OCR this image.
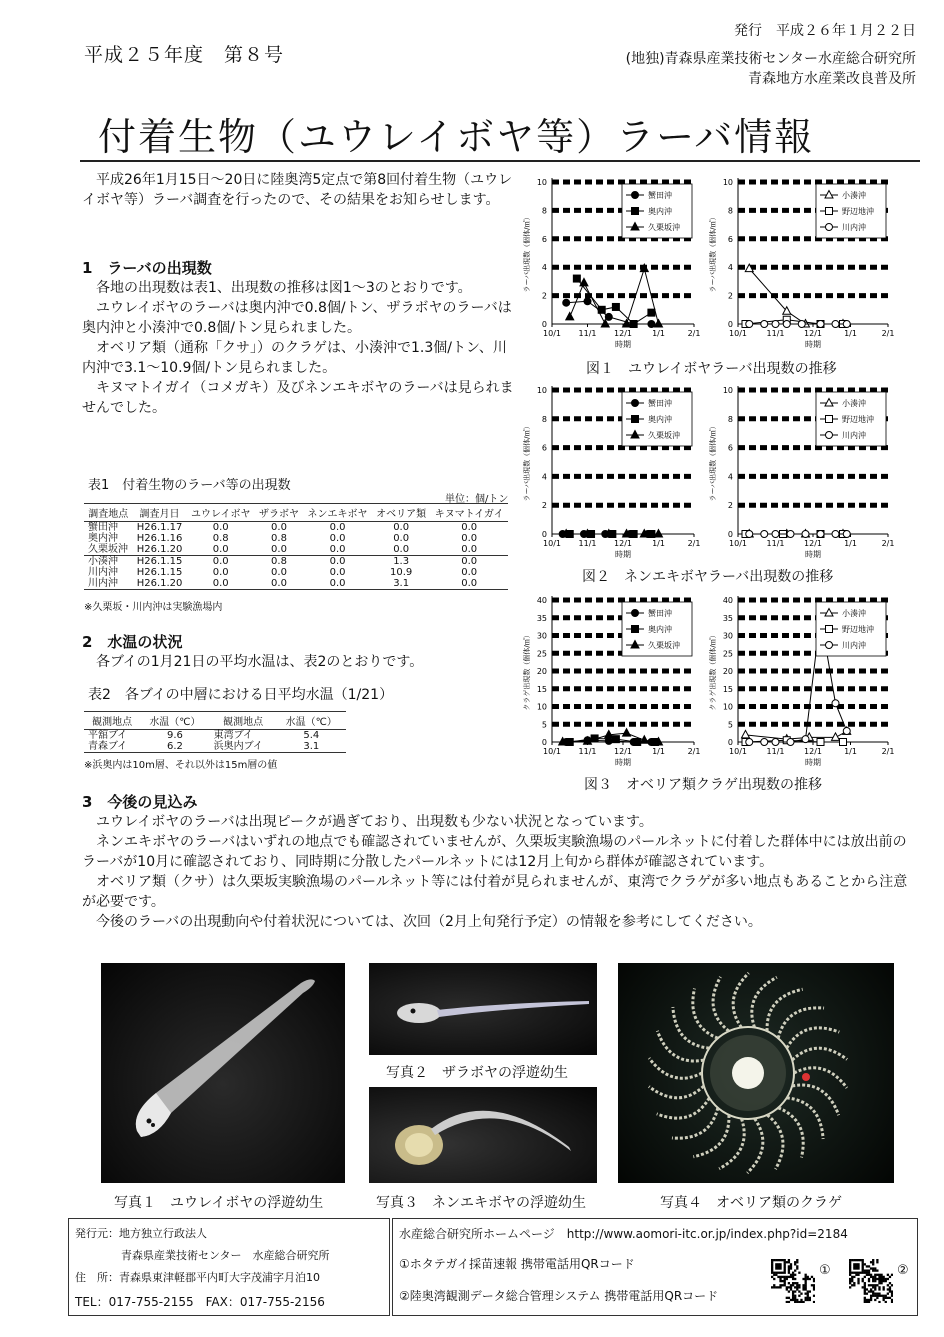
平成２５年度　第８号
発行　平成２６年１月２２日
(地独)青森県産業技術センター水産総合研究所
青森地方水産業改良普及所
付着生物（ユウレイボヤ等）ラーバ情報

平成26年1月15日～20日に陸奥湾5定点で第8回付着生物（ユウレイボヤ等）ラーバ調査を行ったので、その結果をお知らせします。

1　ラーバの出現数

各地の出現数は表1、出現数の推移は図1～3のとおりです。

ユウレイボヤのラーバは奥内沖で0.8個/トン、ザラボヤのラーバは奥内沖と小湊沖で0.8個/トン見られました。

オベリア類（通称「クサ」）のクラゲは、小湊沖で1.3個/トン、川内沖で3.1～10.9個/トン見られました。

キヌマトイガイ（コメガキ）及びネンエキボヤのラーバは見られませんでした。

表1　付着生物のラーバ等の出現数
単位：個/トン
調査地点	調査月日	ユウレイボヤ	ザラボヤ	ネンエキボヤ	オベリア類	キヌマトイガイ
蟹田沖	H26.1.17	0.0	0.0	0.0	0.0	0.0
奥内沖	H26.1.16	0.8	0.8	0.0	0.0	0.0
久栗坂沖	H26.1.20	0.0	0.0	0.0	0.0	0.0
小湊沖	H26.1.15	0.0	0.8	0.0	1.3	0.0
川内沖	H26.1.15	0.0	0.0	0.0	10.9	0.0
川内沖	H26.1.20	0.0	0.0	0.0	3.1	0.0
※久栗坂・川内沖は実験漁場内
2　水温の状況

各ブイの1月21日の平均水温は、表2のとおりです。

表2　各ブイの中層における日平均水温（1/21）
観測地点	水温（℃）	観測地点	水温（℃）
平舘ブイ	9.6	東湾ブイ	5.4
青森ブイ	6.2	浜奥内ブイ	3.1
※浜奥内は10m層、それ以外は15m層の値
0
2
4
6
8
10
10/1 11/1 12/1	1/1	2/1
時期
ラーバ出現数（個体/㎥）
蟹田沖
奥内沖
久栗坂沖
0
2
4
6
8
10
10/1 11/1 12/1	1/1	2/1
時期
ラーバ出現数（個体/㎥）
小湊沖
野辺地沖
川内沖
図１　ユウレイボヤラーバ出現数の推移
0
2
4
6
8
10
10/1 11/1 12/1	1/1	2/1
時期
ラーバ出現数（個体/㎥）
蟹田沖
奥内沖
久栗坂沖
0
2
4
6
8
10
10/1 11/1 12/1	1/1	2/1
時期
ラーバ出現数（個体/㎥）
小湊沖
野辺地沖
川内沖
図２　ネンエキボヤラーバ出現数の推移
0
5
10
15
20
25
30
35
40
10/1 11/1 12/1	1/1	2/1
時期
クラゲ出現数（個体/㎥）
蟹田沖
奥内沖
久栗坂沖
0
5
10
15
20
25
30
35
40
10/1 11/1 12/1	1/1	2/1
時期
クラゲ出現数（個体/㎥）
小湊沖
野辺地沖
川内沖
図３　オベリア類クラゲ出現数の推移
3　今後の見込み

ユウレイボヤのラーバは出現ピークが過ぎており、出現数も少ない状況となっています。

ネンエキボヤのラーバはいずれの地点でも確認されていませんが、久栗坂実験漁場のパールネットに付着した群体中には放出前のラーバが10月に確認されており、同時期に分散したパールネットには12月上旬から群体が確認されています。

オベリア類（クサ）は久栗坂実験漁場のパールネット等には付着が見られませんが、東湾でクラゲが多い地点もあることから注意が必要です。

今後のラーバの出現動向や付着状況については、次回（2月上旬発行予定）の情報を参考にしてください。

写真１　ユウレイボヤの浮遊幼生
写真２　ザラボヤの浮遊幼生
写真３　ネンエキボヤの浮遊幼生	写真４　オベリア類のクラゲ
発行元：地方独立行政法人
青森県産業技術センター　水産総合研究所
住　所：青森県東津軽郡平内町大字茂浦字月泊10
TEL：017-755-2155　FAX：017-755-2156
水産総合研究所ホームページ　http://www.aomori-itc.or.jp/index.php?id=2184
①ホタテガイ採苗速報 携帯電話用QRコード
②陸奥湾観測データ総合管理システム 携帯電話用QRコード
①	②
